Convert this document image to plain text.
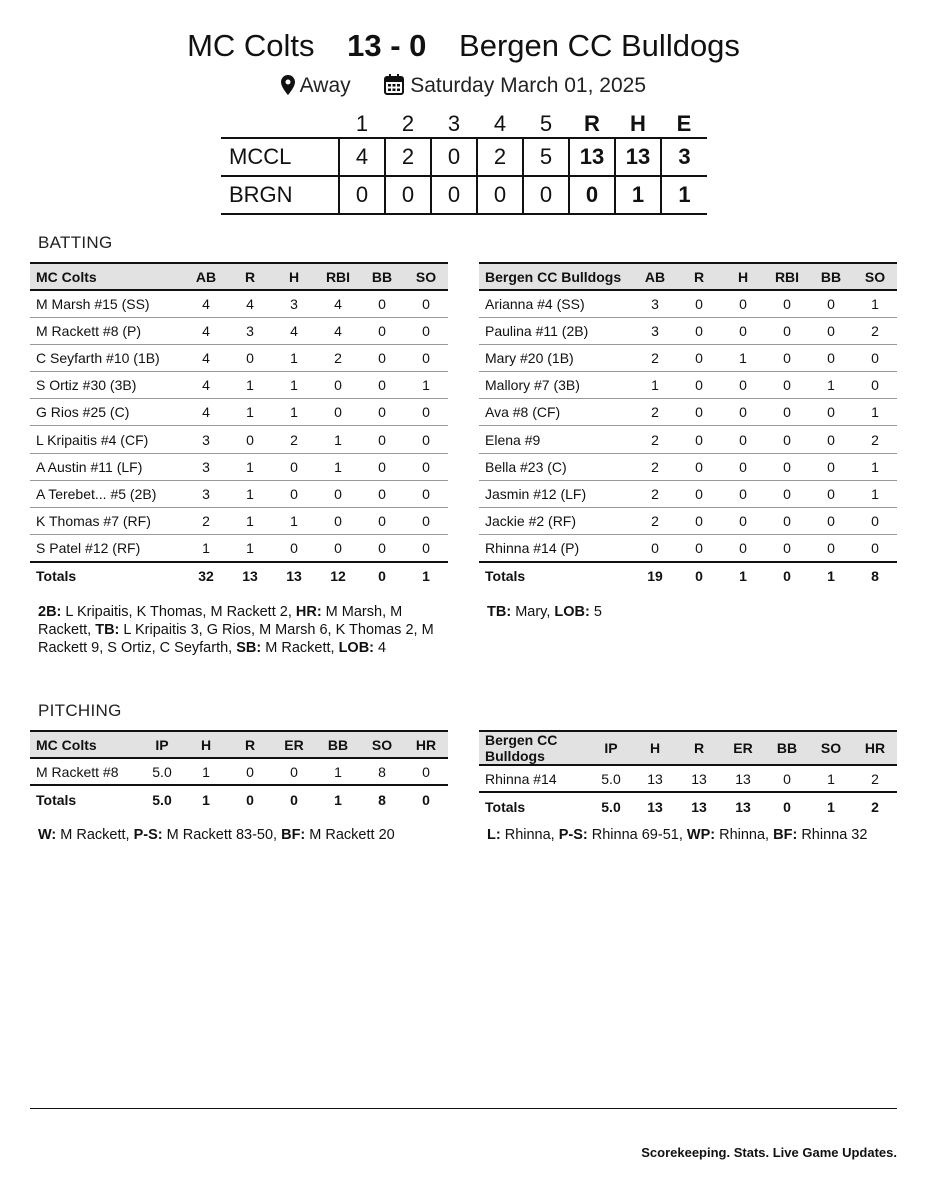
MC Colts 13 - 0 Bergen CC Bulldogs
Away	Saturday March 01, 2025
	1	2	3	4	5	R	H	E
MCCL	4	2	0	2	5	13	13	3
BRGN	0	0	0	0	0	0	1	1
BATTING
MC Colts	AB	R	H	RBI	BB	SO
M Marsh #15 (SS)	4	4	3	4	0	0
M Rackett #8 (P)	4	3	4	4	0	0
C Seyfarth #10 (1B)	4	0	1	2	0	0
S Ortiz #30 (3B)	4	1	1	0	0	1
G Rios #25 (C)	4	1	1	0	0	0
L Kripaitis #4 (CF)	3	0	2	1	0	0
A Austin #11 (LF)	3	1	0	1	0	0
A Terebet... #5 (2B)	3	1	0	0	0	0
K Thomas #7 (RF)	2	1	1	0	0	0
S Patel #12 (RF)	1	1	0	0	0	0
Totals	32	13	13	12	0	1
Bergen CC Bulldogs	AB	R	H	RBI	BB	SO
Arianna #4 (SS)	3	0	0	0	0	1
Paulina #11 (2B)	3	0	0	0	0	2
Mary #20 (1B)	2	0	1	0	0	0
Mallory #7 (3B)	1	0	0	0	1	0
Ava #8 (CF)	2	0	0	0	0	1
Elena #9	2	0	0	0	0	2
Bella #23 (C)	2	0	0	0	0	1
Jasmin #12 (LF)	2	0	0	0	0	1
Jackie #2 (RF)	2	0	0	0	0	0
Rhinna #14 (P)	0	0	0	0	0	0
Totals	19	0	1	0	1	8
2B: L Kripaitis, K Thomas, M Rackett 2, HR: M Marsh, M Rackett, TB: L Kripaitis 3, G Rios, M Marsh 6, K Thomas 2, M Rackett 9, S Ortiz, C Seyfarth, SB: M Rackett, LOB: 4
TB: Mary, LOB: 5
PITCHING
MC Colts	IP	H	R	ER	BB	SO	HR
M Rackett #8	5.0	1	0	0	1	8	0
Totals	5.0	1	0	0	1	8	0
Bergen CC Bulldogs	IP	H	R	ER	BB	SO	HR
Rhinna #14	5.0	13	13	13	0	1	2
Totals	5.0	13	13	13	0	1	2
W: M Rackett, P-S: M Rackett 83-50, BF: M Rackett 20	L: Rhinna, P-S: Rhinna 69-51, WP: Rhinna, BF: Rhinna 32
Scorekeeping. Stats. Live Game Updates.
